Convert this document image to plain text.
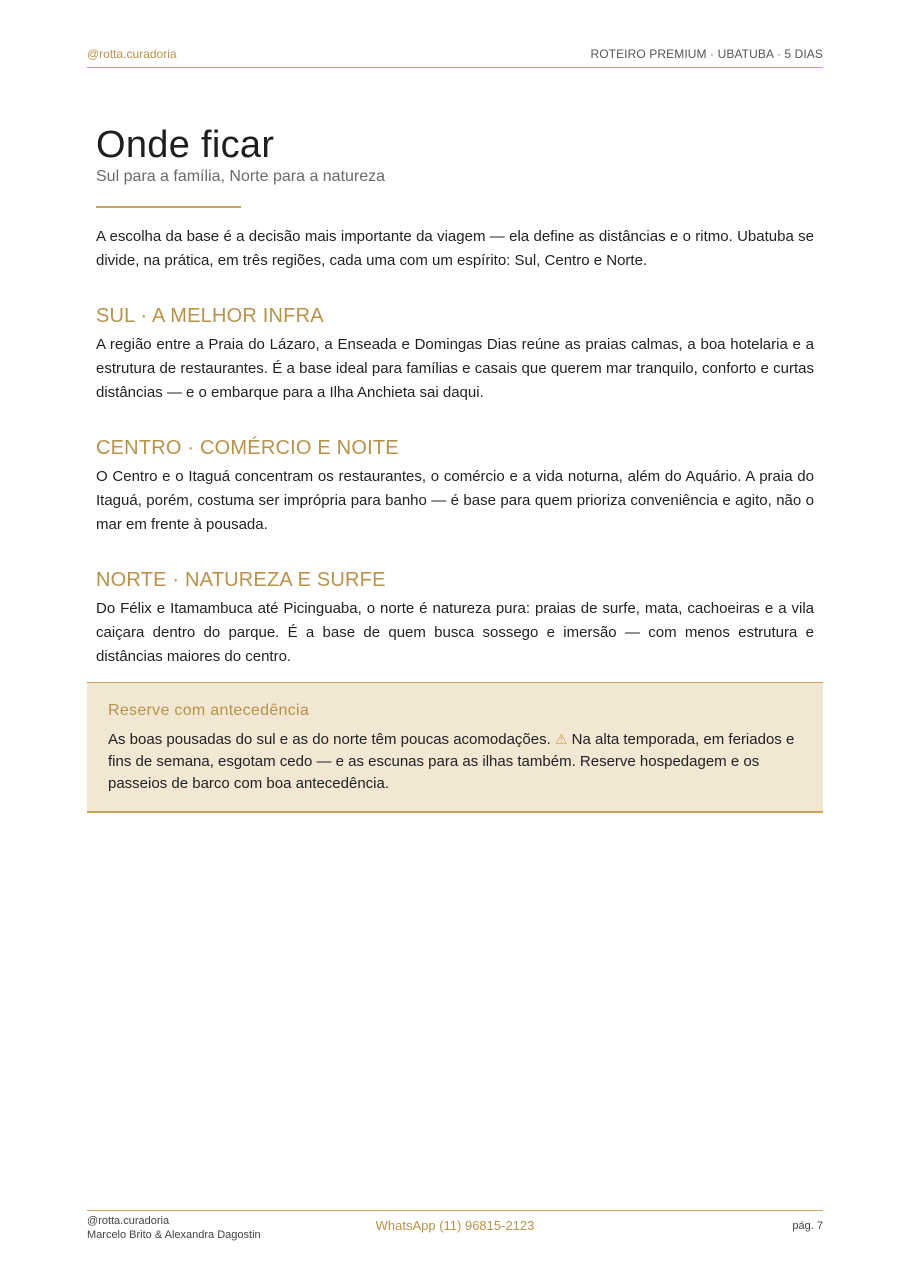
@rotta.curadoria	ROTEIRO PREMIUM · UBATUBA · 5 DIAS
Onde ficar
Sul para a família, Norte para a natureza

A escolha da base é a decisão mais importante da viagem — ela define as distâncias e o ritmo. Ubatuba se divide, na prática, em três regiões, cada uma com um espírito: Sul, Centro e Norte.

SUL · A MELHOR INFRA

A região entre a Praia do Lázaro, a Enseada e Domingas Dias reúne as praias calmas, a boa hotelaria e a estrutura de restaurantes. É a base ideal para famílias e casais que querem mar tranquilo, conforto e curtas distâncias — e o embarque para a Ilha Anchieta sai daqui.

CENTRO · COMÉRCIO E NOITE

O Centro e o Itaguá concentram os restaurantes, o comércio e a vida noturna, além do Aquário. A praia do Itaguá, porém, costuma ser imprópria para banho — é base para quem prioriza conveniência e agito, não o mar em frente à pousada.

NORTE · NATUREZA E SURFE

Do Félix e Itamambuca até Picinguaba, o norte é natureza pura: praias de surfe, mata, cachoeiras e a vila caiçara dentro do parque. É a base de quem busca sossego e imersão — com menos estrutura e distâncias maiores do centro.

Reserve com antecedência
As boas pousadas do sul e as do norte têm poucas acomodações. ⚠ Na alta temporada, em feriados e fins de semana, esgotam cedo — e as escunas para as ilhas também. Reserve hospedagem e os passeios de barco com boa antecedência.
@rotta.curadoria
Marcelo Brito & Alexandra Dagostin
WhatsApp (11) 96815-2123	pág. 7
